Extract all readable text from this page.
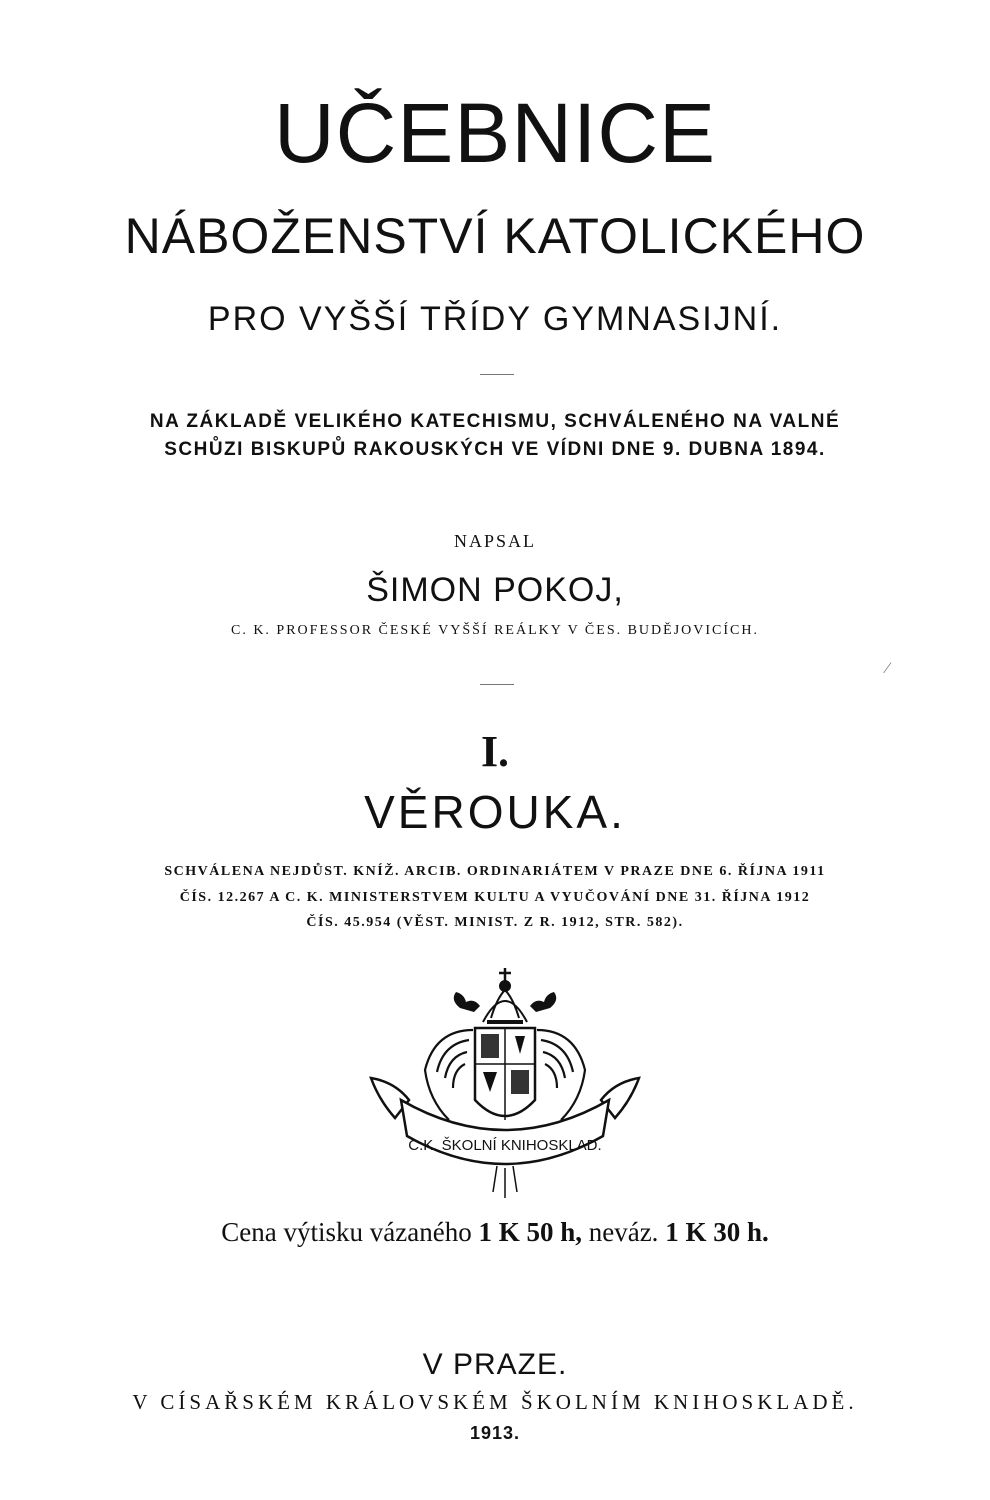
UČEBNICE
NÁBOŽENSTVÍ KATOLICKÉHO
PRO VYŠŠÍ TŘÍDY GYMNASIJNÍ.
NA ZÁKLADĚ VELIKÉHO KATECHISMU, SCHVÁLENÉHO NA VALNÉ
SCHŮZI BISKUPŮ RAKOUSKÝCH VE VÍDNI DNE 9. DUBNA 1894.
NAPSAL
ŠIMON POKOJ,
C. K. PROFESSOR ČESKÉ VYŠŠÍ REÁLKY V ČES. BUDĚJOVICÍCH.
⁄
I.
VĚROUKA.
SCHVÁLENA NEJDŮST. KNÍŽ. ARCIB. ORDINARIÁTEM V PRAZE DNE 6. ŘÍJNA 1911
ČÍS. 12.267 A C. K. MINISTERSTVEM KULTU A VYUČOVÁNÍ DNE 31. ŘÍJNA 1912
ČÍS. 45.954 (VĚST. MINIST. Z R. 1912, STR. 582).
C.K. ŠKOLNÍ KNIHOSKLAD.
Cena výtisku vázaného 1 K 50 h, neváz. 1 K 30 h.
V PRAZE.
V CÍSAŘSKÉM KRÁLOVSKÉM ŠKOLNÍM KNIHOSKLADĚ.
1913.
